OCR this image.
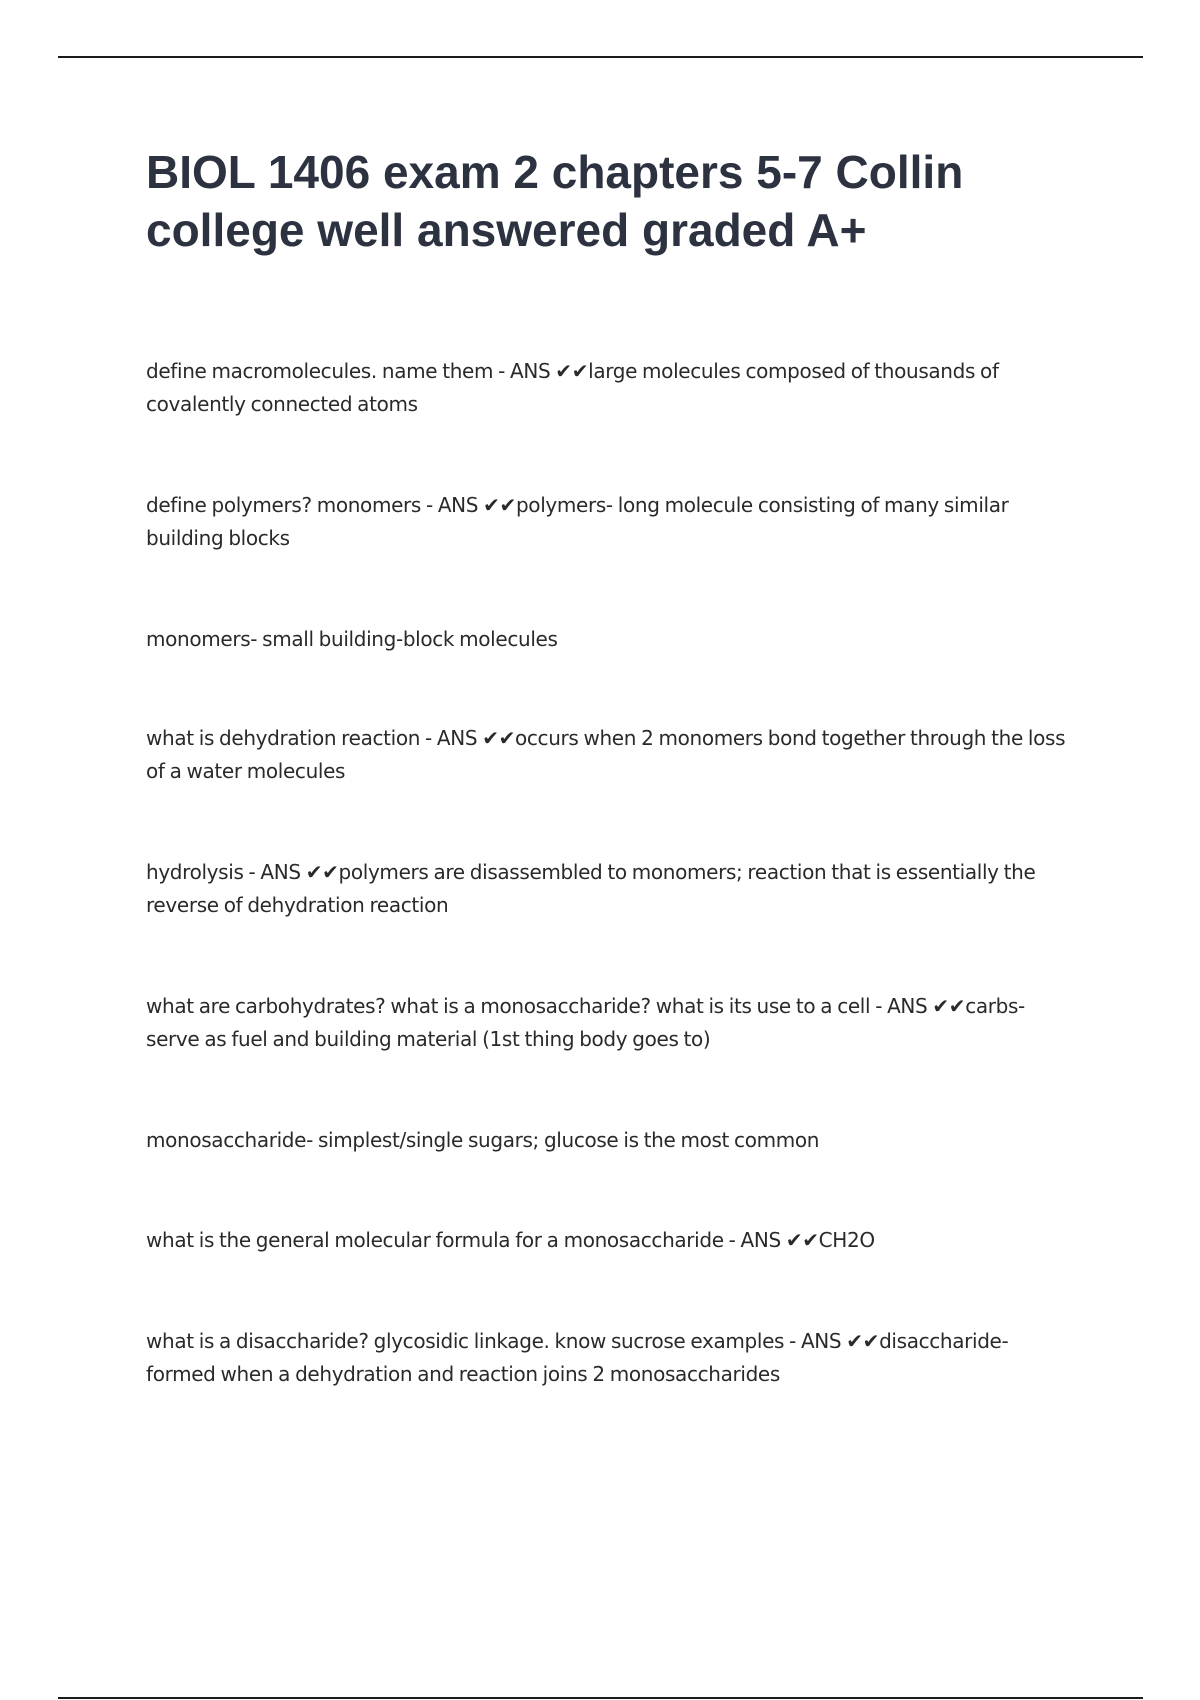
BIOL 1406 exam 2 chapters 5-7 Collin college well answered graded A+

define macromolecules. name them - ANS ✔✔large molecules composed of thousands of covalently connected atoms

define polymers? monomers - ANS ✔✔polymers- long molecule consisting of many similar building blocks

monomers- small building-block molecules

what is dehydration reaction - ANS ✔✔occurs when 2 monomers bond together through the loss of a water molecules

hydrolysis - ANS ✔✔polymers are disassembled to monomers; reaction that is essentially the reverse of dehydration reaction

what are carbohydrates? what is a monosaccharide? what is its use to a cell - ANS ✔✔carbs- serve as fuel and building material (1st thing body goes to)

monosaccharide- simplest/single sugars; glucose is the most common

what is the general molecular formula for a monosaccharide - ANS ✔✔CH2O

what is a disaccharide? glycosidic linkage. know sucrose examples - ANS ✔✔disaccharide- formed when a dehydration and reaction joins 2 monosaccharides
